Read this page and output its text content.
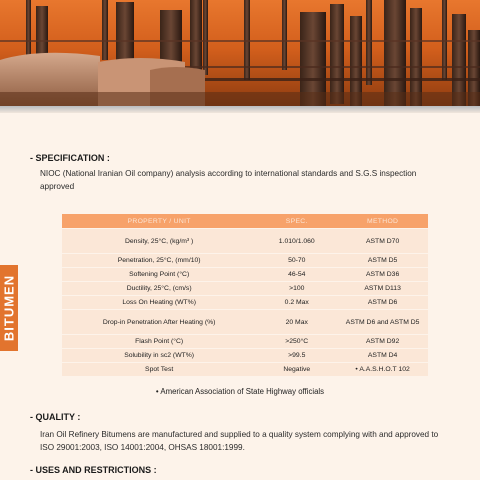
BITUMEN
- SPECIFICATION :
NIOC (National Iranian Oil company) analysis according to international standards and S.G.S inspection approved
PROPERTY / UNIT	SPEC.	METHOD
Density, 25°C, (kg/m³ )	1.010/1.060	ASTM D70
Penetration, 25°C, (mm/10)	50-70	ASTM D5
Softening Point (°C)	46-54	ASTM D36
Ductility, 25°C, (cm/s)	>100	ASTM D113
Loss On Heating (WT%)	0.2 Max	ASTM D6
Drop-in Penetration After Heating (%)	20 Max	ASTM D6 and ASTM D5
Flash Point (°C)	>250°C	ASTM D92
Solubility in sc2 (WT%)	>99.5	ASTM D4
Spot Test	Negative	• A.A.S.H.O.T 102
• American Association of State Highway officials
- QUALITY :
Iran Oil Refinery Bitumens are manufactured and supplied to a quality system complying with and approved to ISO 29001:2003, ISO 14001:2004, OHSAS 18001:1999.
- USES AND RESTRICTIONS :
